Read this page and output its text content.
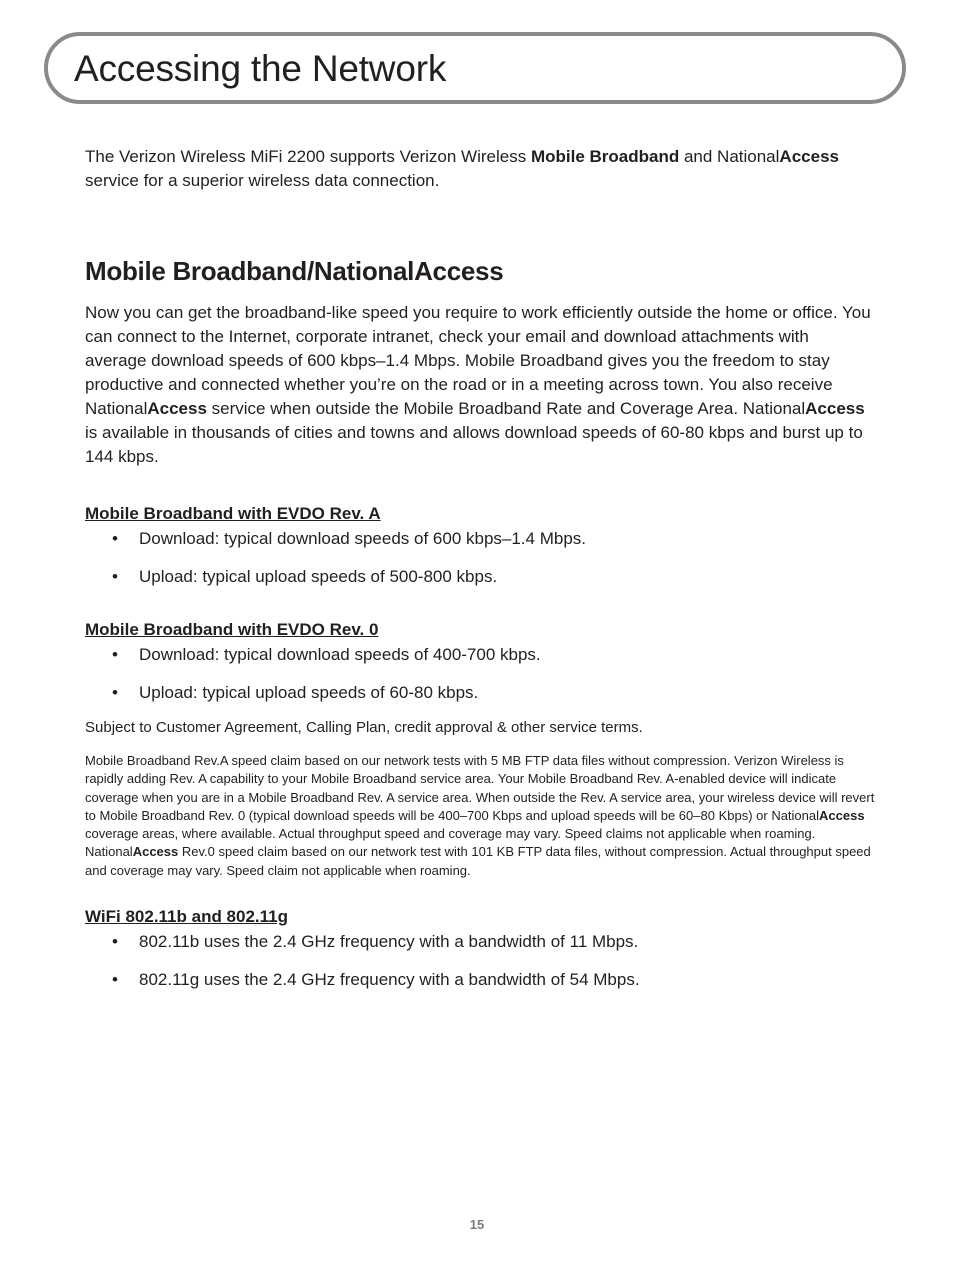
Accessing the Network

The Verizon Wireless MiFi 2200 supports Verizon Wireless Mobile Broadband and NationalAccess service for a superior wireless data connection.

Mobile Broadband/NationalAccess

Now you can get the broadband-like speed you require to work efficiently outside the home or office. You can connect to the Internet, corporate intranet, check your email and download attachments with average download speeds of 600 kbps–1.4 Mbps. Mobile Broadband gives you the freedom to stay productive and connected whether you’re on the road or in a meeting across town. You also receive NationalAccess service when outside the Mobile Broadband Rate and Coverage Area. NationalAccess is available in thousands of cities and towns and allows download speeds of 60-80 kbps and burst up to 144 kbps.

Mobile Broadband with EVDO Rev. A
• Download: typical download speeds of 600 kbps–1.4 Mbps.
• Upload: typical upload speeds of 500-800 kbps.
Mobile Broadband with EVDO Rev. 0
• Download: typical download speeds of 400-700 kbps.
• Upload: typical upload speeds of 60-80 kbps.

Subject to Customer Agreement, Calling Plan, credit approval & other service terms.

Mobile Broadband Rev.A speed claim based on our network tests with 5 MB FTP data files without compression. Verizon Wireless is rapidly adding Rev. A capability to your Mobile Broadband service area. Your Mobile Broadband Rev. A-enabled device will indicate coverage when you are in a Mobile Broadband Rev. A service area. When outside the Rev. A service area, your wireless device will revert to Mobile Broadband Rev. 0 (typical download speeds will be 400–700 Kbps and upload speeds will be 60–80 Kbps) or NationalAccess coverage areas, where available. Actual throughput speed and coverage may vary. Speed claims not applicable when roaming.
NationalAccess Rev.0 speed claim based on our network test with 101 KB FTP data files, without compression. Actual throughput speed and coverage may vary. Speed claim not applicable when roaming.

WiFi 802.11b and 802.11g
• 802.11b uses the 2.4 GHz frequency with a bandwidth of 11 Mbps.
• 802.11g uses the 2.4 GHz frequency with a bandwidth of 54 Mbps.
15
